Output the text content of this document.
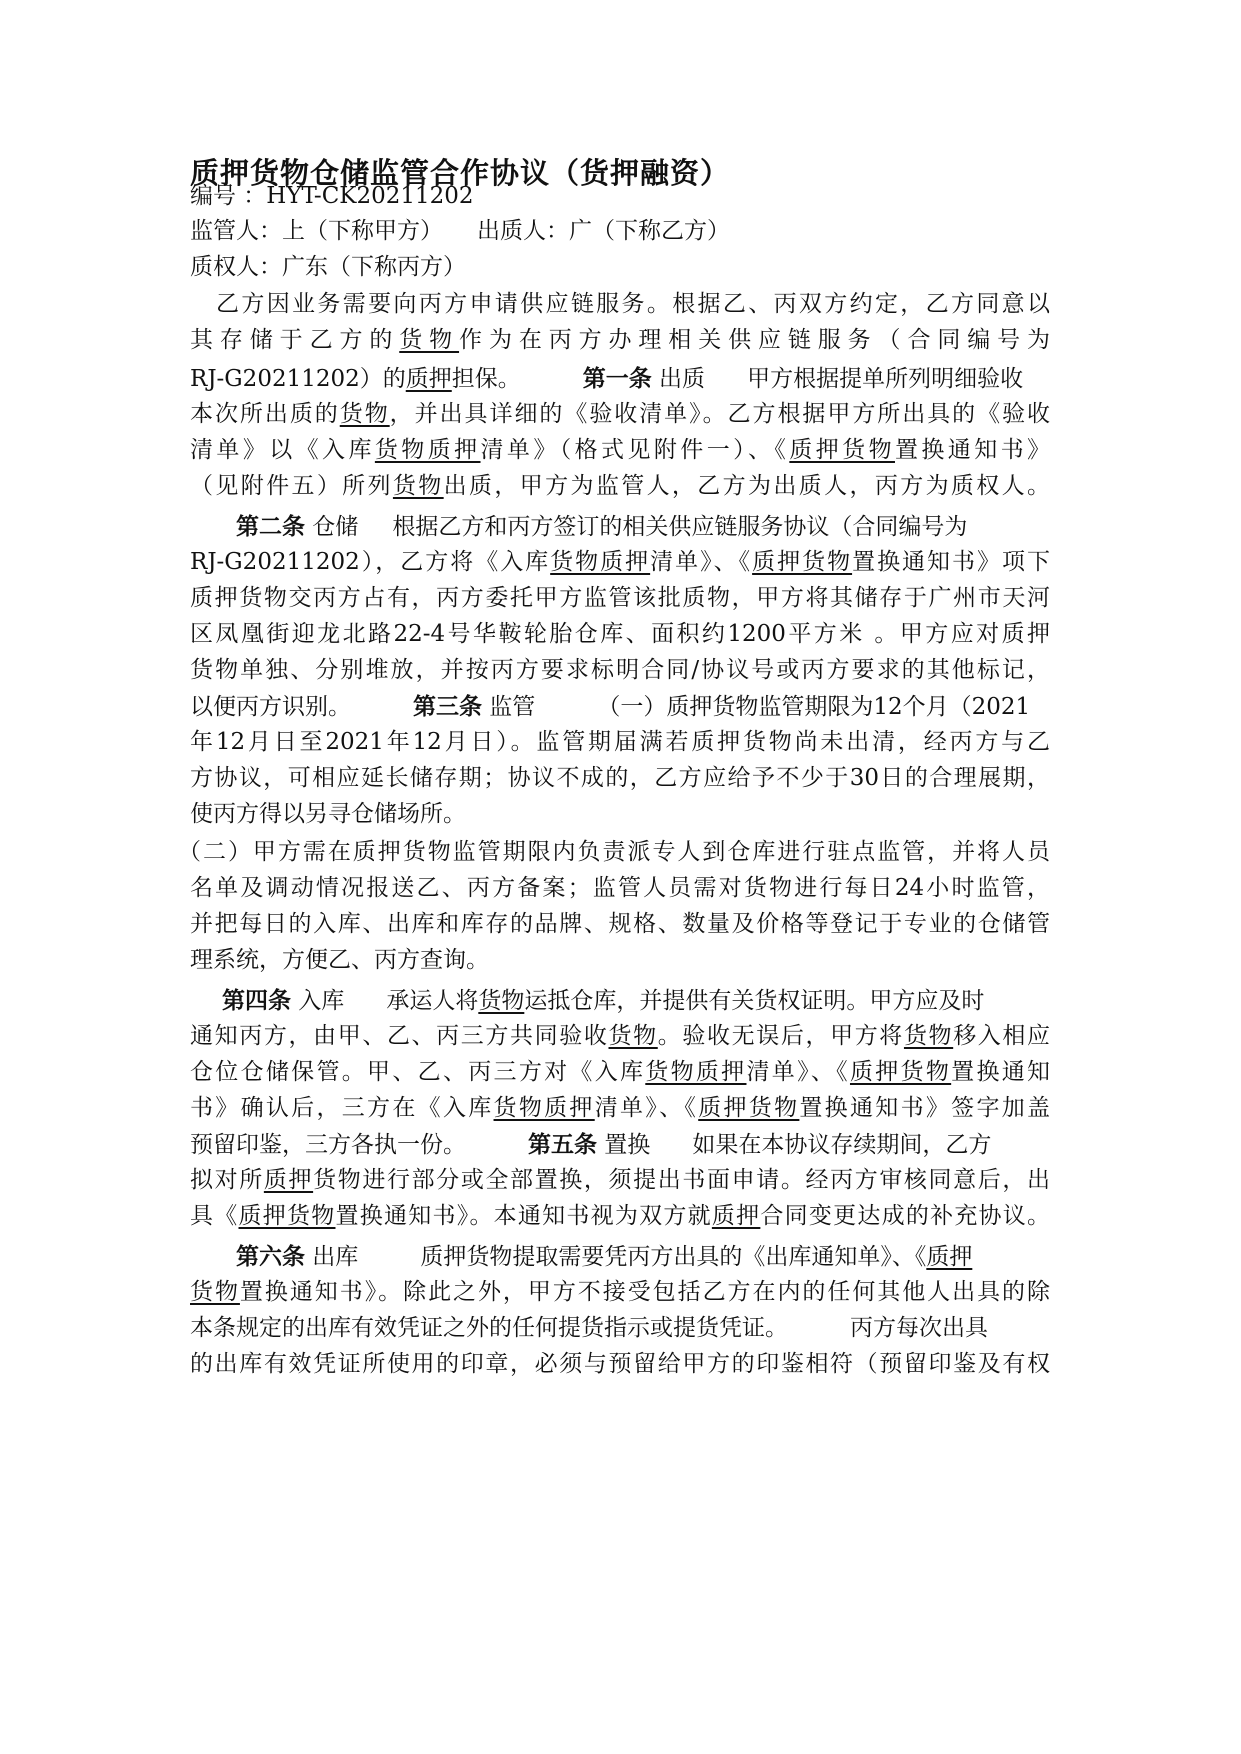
质押货物仓储监管合作协议（货押融资）
编号 ：HYT-CK20211202
监管人：上（下称甲方） 出质人：广（下称乙方）
质权人：广东（下称丙方）
乙方因业务需要向丙方申请供应链服务。根据乙、丙双方约定，乙方同意以
其存储于乙方的货物作为在丙方办理相关供应链服务（合同编号为
RJ-G20211202）的质押担保。	第一条 出质 甲方根据提单所列明细验收
本次所出质的货物，并出具详细的《验收清单》。乙方根据甲方所出具的《验收
清单》以《入库货物质押清单》（格式见附件一）、《质押货物置换通知书》
（见附件五）所列货物出质，甲方为监管人，乙方为出质人，丙方为质权人。
第二条 仓储 根据乙方和丙方签订的相关供应链服务协议（合同编号为
RJ-G20211202），乙方将《入库货物质押清单》、《质押货物置换通知书》项下
质押货物交丙方占有，丙方委托甲方监管该批质物，甲方将其储存于广州市天河
区凤凰街迎龙北路22-4号华鞍轮胎仓库、面积约1200平方米 。甲方应对质押
货物单独、分别堆放，并按丙方要求标明合同/协议号或丙方要求的其他标记，
以便丙方识别。	第三条 监管	（一）质押货物监管期限为12个月（2021
年12月日至2021年12月日）。监管期届满若质押货物尚未出清，经丙方与乙
方协议，可相应延长储存期；协议不成的，乙方应给予不少于30日的合理展期，
使丙方得以另寻仓储场所。
（二）甲方需在质押货物监管期限内负责派专人到仓库进行驻点监管，并将人员
名单及调动情况报送乙、丙方备案；监管人员需对货物进行每日24小时监管，
并把每日的入库、出库和库存的品牌、规格、数量及价格等登记于专业的仓储管
理系统，方便乙、丙方查询。
第四条 入库 承运人将货物运抵仓库，并提供有关货权证明。甲方应及时
通知丙方，由甲、乙、丙三方共同验收货物。验收无误后，甲方将货物移入相应
仓位仓储保管。甲、乙、丙三方对《入库货物质押清单》、《质押货物置换通知
书》确认后，三方在《入库货物质押清单》、《质押货物置换通知书》签字加盖
预留印鉴，三方各执一份。	第五条 置换 如果在本协议存续期间，乙方
拟对所质押货物进行部分或全部置换，须提出书面申请。经丙方审核同意后，出
具《质押货物置换通知书》。本通知书视为双方就质押合同变更达成的补充协议。
第六条 出库	质押货物提取需要凭丙方出具的《出库通知单》、《质押
货物置换通知书》。除此之外，甲方不接受包括乙方在内的任何其他人出具的除
本条规定的出库有效凭证之外的任何提货指示或提货凭证。	丙方每次出具
的出库有效凭证所使用的印章，必须与预留给甲方的印鉴相符（预留印鉴及有权
